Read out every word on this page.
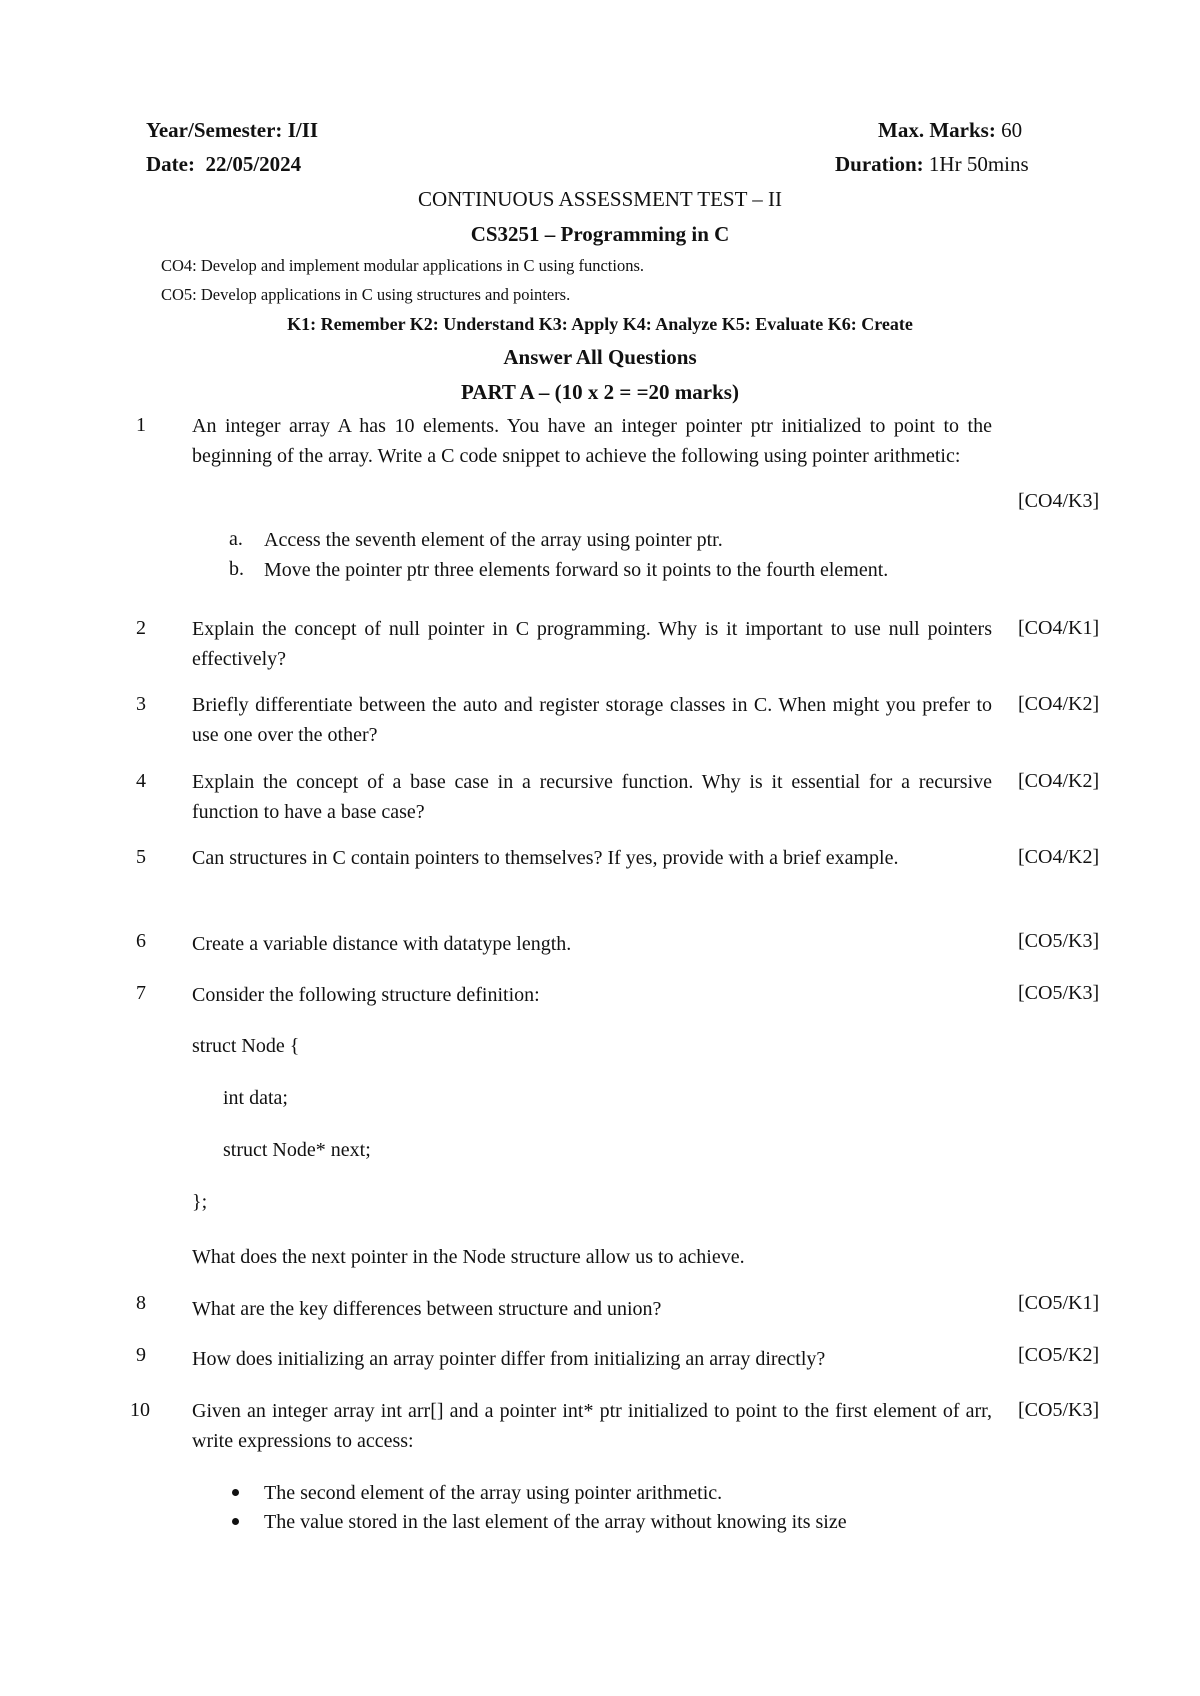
Year/Semester: I/II
Date: 22/05/2024
Max. Marks: 60
Duration: 1Hr 50mins
CONTINUOUS ASSESSMENT TEST – II
CS3251 – Programming in C
CO4: Develop and implement modular applications in C using functions.
CO5: Develop applications in C using structures and pointers.
K1: Remember K2: Understand K3: Apply K4: Analyze K5: Evaluate K6: Create
Answer All Questions
PART A – (10 x 2 = =20 marks)
1 An integer array A has 10 elements. You have an integer pointer ptr initialized to point to the beginning of the array. Write a C code snippet to achieve the following using pointer arithmetic:
[CO4/K3]
a. Access the seventh element of the array using pointer ptr.
b. Move the pointer ptr three elements forward so it points to the fourth element.
2 Explain the concept of null pointer in C programming. Why is it important to use null pointers effectively?
[CO4/K1]
3 Briefly differentiate between the auto and register storage classes in C. When might you prefer to use one over the other?
[CO4/K2]
4 Explain the concept of a base case in a recursive function. Why is it essential for a recursive function to have a base case?
[CO4/K2]
5 Can structures in C contain pointers to themselves? If yes, provide with a brief example.	[CO4/K2]
6 Create a variable distance with datatype length.	[CO5/K3]
7 Consider the following structure definition:	[CO5/K3]
struct Node {
int data;
struct Node* next;
};
What does the next pointer in the Node structure allow us to achieve.
8 What are the key differences between structure and union?	[CO5/K1]
9 How does initializing an array pointer differ from initializing an array directly?	[CO5/K2]
10 Given an integer array int arr[] and a pointer int* ptr initialized to point to the first element of arr, write expressions to access:
[CO5/K3]
The second element of the array using pointer arithmetic.
The value stored in the last element of the array without knowing its size
